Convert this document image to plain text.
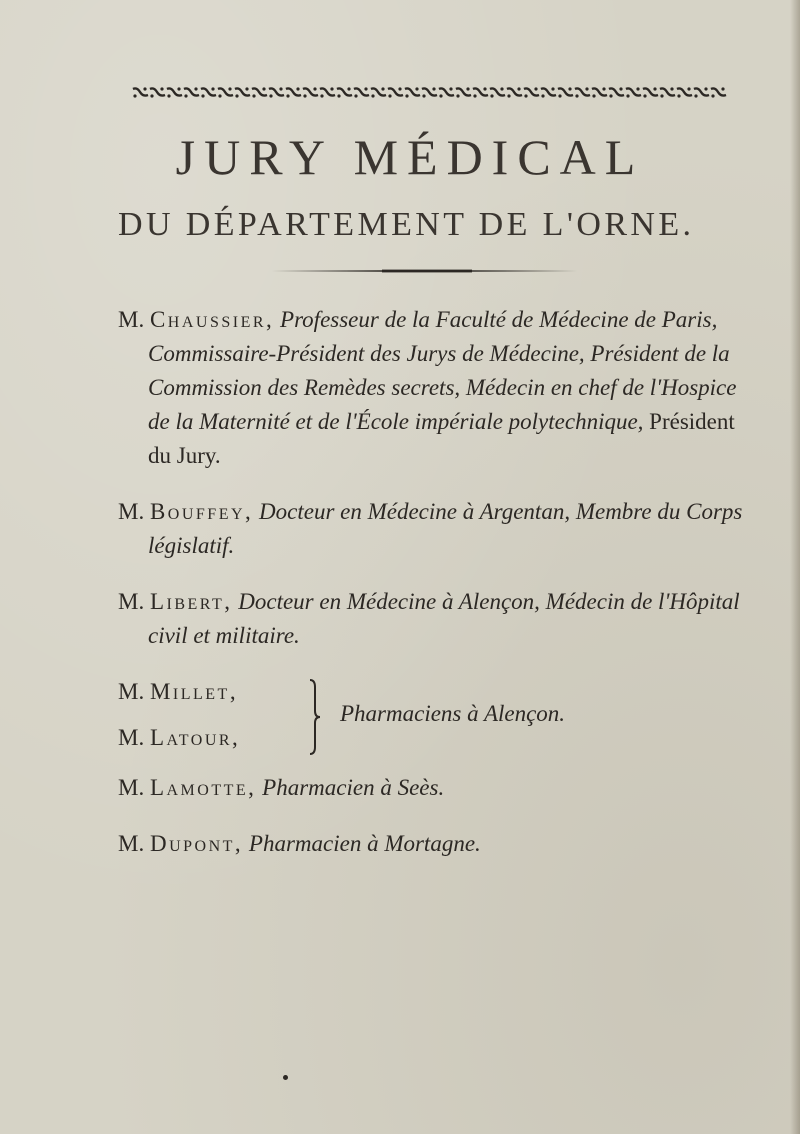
JURY MÉDICAL
DU DÉPARTEMENT DE L'ORNE.

M. Chaussier, Professeur de la Faculté de Médecine de Paris, Commissaire-Président des Jurys de Médecine, Président de la Commission des Remèdes secrets, Médecin en chef de l'Hospice de la Maternité et de l'École impériale polytechnique, Président du Jury.

M. Bouffey, Docteur en Médecine à Argentan, Membre du Corps législatif.

M. Libert, Docteur en Médecine à Alençon, Médecin de l'Hôpital civil et militaire.

M. Millet,
M. Latour,
Pharmaciens à Alençon.

M. Lamotte, Pharmacien à Seès.

M. Dupont, Pharmacien à Mortagne.
